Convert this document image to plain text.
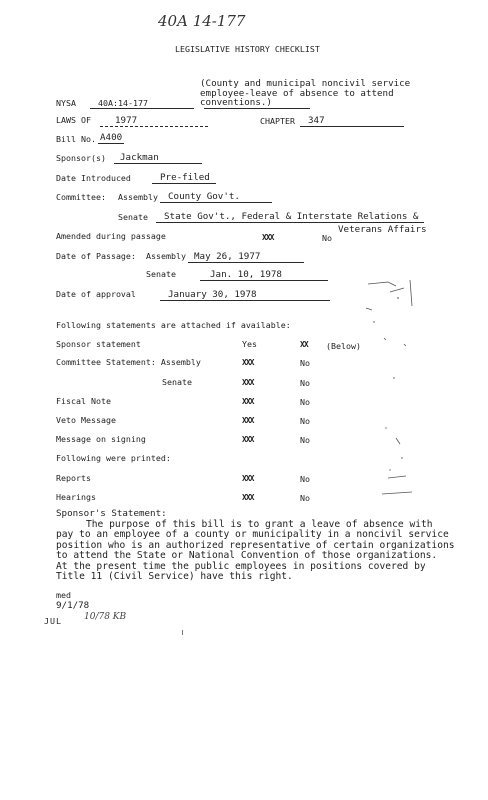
40A 14-177
LEGISLATIVE HISTORY CHECKLIST
(County and municipal noncivil service
employee-leave of absence to attend
conventions.)
NYSA	40A:14-177
LAWS OF	1977	CHAPTER 347
Bill No. A400
Sponsor(s) Jackman
Date Introduced	Pre-filed
Committee: Assembly County Gov't.
Senate State Gov't., Federal & Interstate Relations &
Veterans Affairs
Amended during passage	XXX	No
Date of Passage: Assembly May 26, 1977
Senate	Jan. 10, 1978
Date of approval	January 30, 1978
Following statements are attached if available:
Sponsor statement	Yes	XX (Below)
Committee Statement: Assembly	XXX	No
Senate	XXX	No
Fiscal Note	XXX	No
Veto Message	XXX	No
Message on signing	XXX	No
Following were printed:
Reports	XXX	No
Hearings	XXX	No
Sponsor's Statement:
The purpose of this bill is to grant a leave of absence with
pay to an employee of a county or municipality in a noncivil service
position who is an authorized representative of certain organizations
to attend the State or National Convention of those organizations.
At the present time the public employees in positions covered by
Title 11 (Civil Service) have this right.
med
9/1/78
JUL 10/78 KB
